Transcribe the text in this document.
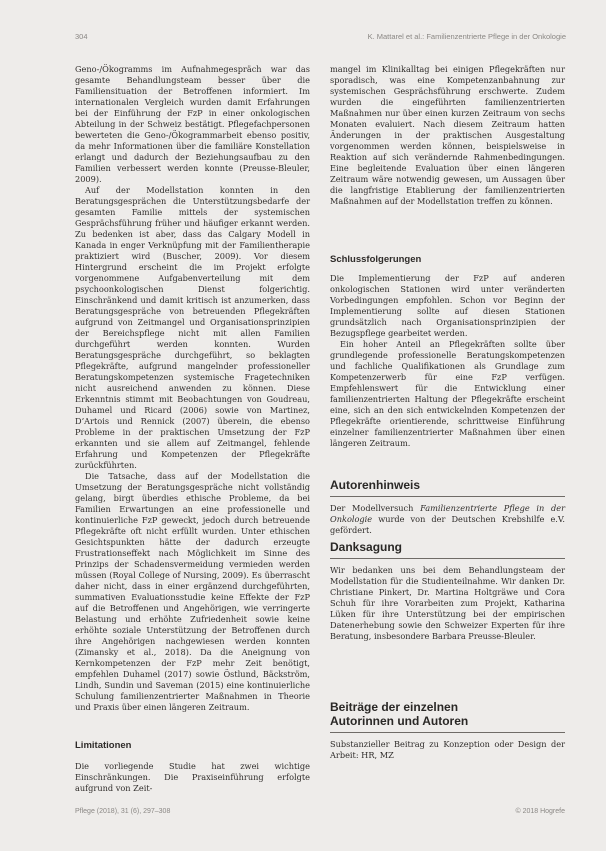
304	K. Mattarel et al.: Familienzentrierte Pflege in der Onkologie

Geno-/Ökogramms im Aufnahmegespräch war das gesamte Behandlungsteam besser über die Familiensituation der Betroffenen informiert. Im internationalen Vergleich wurden damit Erfahrungen bei der Einführung der FzP in einer onkologischen Abteilung in der Schweiz bestätigt. Pflegefachpersonen bewerteten die Geno-/Ökogrammarbeit ebenso positiv, da mehr Informationen über die familiäre Konstellation erlangt und dadurch der Beziehungsaufbau zu den Familien verbessert werden konnte (Preusse-Bleuler, 2009).

Auf der Modellstation konnten in den Beratungsgesprächen die Unterstützungsbedarfe der gesamten Familie mittels der systemischen Gesprächsführung früher und häufiger erkannt werden. Zu bedenken ist aber, dass das Calgary Modell in Kanada in enger Verknüpfung mit der Familientherapie praktiziert wird (Buscher, 2009). Vor diesem Hintergrund erscheint die im Projekt erfolgte vorgenommene Aufgabenverteilung mit dem psychoonkologischen Dienst folgerichtig. Einschränkend und damit kritisch ist anzumerken, dass Beratungsgespräche von betreuenden Pflegekräften aufgrund von Zeitmangel und Organisationsprinzipien der Bereichspflege nicht mit allen Familien durchgeführt werden konnten. Wurden Beratungsgespräche durchgeführt, so beklagten Pflegekräfte, aufgrund mangelnder professioneller Beratungskompetenzen systemische Fragetechniken nicht ausreichend anwenden zu können. Diese Erkenntnis stimmt mit Beobachtungen von Goudreau, Duhamel und Ricard (2006) sowie von Martinez, D’Artois und Rennick (2007) überein, die ebenso Probleme in der praktischen Umsetzung der FzP erkannten und sie allem auf Zeitmangel, fehlende Erfahrung und Kompetenzen der Pflegekräfte zurückführten.

Die Tatsache, dass auf der Modellstation die Umsetzung der Beratungsgespräche nicht vollständig gelang, birgt überdies ethische Probleme, da bei Familien Erwartungen an eine professionelle und kontinuierliche FzP geweckt, jedoch durch betreuende Pflegekräfte oft nicht erfüllt wurden. Unter ethischen Gesichtspunkten hätte der dadurch erzeugte Frustrationseffekt nach Möglichkeit im Sinne des Prinzips der Schadensvermeidung vermieden werden müssen (Royal College of Nursing, 2009). Es überrascht daher nicht, dass in einer ergänzend durchgeführten, summativen Evaluationsstudie keine Effekte der FzP auf die Betroffenen und Angehörigen, wie verringerte Belastung und erhöhte Zufriedenheit sowie keine erhöhte soziale Unterstützung der Betroffenen durch ihre Angehörigen nachgewiesen werden konnten (Zimansky et al., 2018). Da die Aneignung von Kernkompetenzen der FzP mehr Zeit benötigt, empfehlen Duhamel (2017) sowie Östlund, Bäckström, Lindh, Sundin und Saveman (2015) eine kontinuierliche Schulung familienzentrierter Maßnahmen in Theorie und Praxis über einen längeren Zeitraum.

Limitationen

Die vorliegende Studie hat zwei wichtige Einschränkungen. Die Praxiseinführung erfolgte aufgrund von Zeit-

mangel im Klinikalltag bei einigen Pflegekräften nur sporadisch, was eine Kompetenzanbahnung zur systemischen Gesprächsführung erschwerte. Zudem wurden die eingeführten familienzentrierten Maßnahmen nur über einen kurzen Zeitraum von sechs Monaten evaluiert. Nach diesem Zeitraum hatten Änderungen in der praktischen Ausgestaltung vorgenommen werden können, beispielsweise in Reaktion auf sich verändernde Rahmenbedingungen. Eine begleitende Evaluation über einen längeren Zeitraum wäre notwendig gewesen, um Aussagen über die langfristige Etablierung der familienzentrierten Maßnahmen auf der Modellstation treffen zu können.

Schlussfolgerungen

Die Implementierung der FzP auf anderen onkologischen Stationen wird unter veränderten Vorbedingungen empfohlen. Schon vor Beginn der Implementierung sollte auf diesen Stationen grundsätzlich nach Organisationsprinzipien der Bezugspflege gearbeitet werden.

Ein hoher Anteil an Pflegekräften sollte über grundlegende professionelle Beratungskompetenzen und fachliche Qualifikationen als Grundlage zum Kompetenzerwerb für eine FzP verfügen. Empfehlenswert für die Entwicklung einer familienzentrierten Haltung der Pflegekräfte erscheint eine, sich an den sich entwickelnden Kompetenzen der Pflegekräfte orientierende, schrittweise Einführung einzelner familienzentrierter Maßnahmen über einen längeren Zeitraum.

Autorenhinweis

Der Modellversuch Familienzentrierte Pflege in der Onkologie wurde von der Deutschen Krebshilfe e.V. gefördert.

Danksagung

Wir bedanken uns bei dem Behandlungsteam der Modellstation für die Studienteilnahme. Wir danken Dr. Christiane Pinkert, Dr. Martina Holtgräwe und Cora Schuh für ihre Vorarbeiten zum Projekt, Katharina Lüken für ihre Unterstützung bei der empirischen Datenerhebung sowie den Schweizer Experten für ihre Beratung, insbesondere Barbara Preusse-Bleuler.

Beiträge der einzelnen
Autorinnen und Autoren

Substanzieller Beitrag zu Konzeption oder Design der Arbeit: HR, MZ

Pflege (2018), 31 (6), 297–308	© 2018 Hogrefe
